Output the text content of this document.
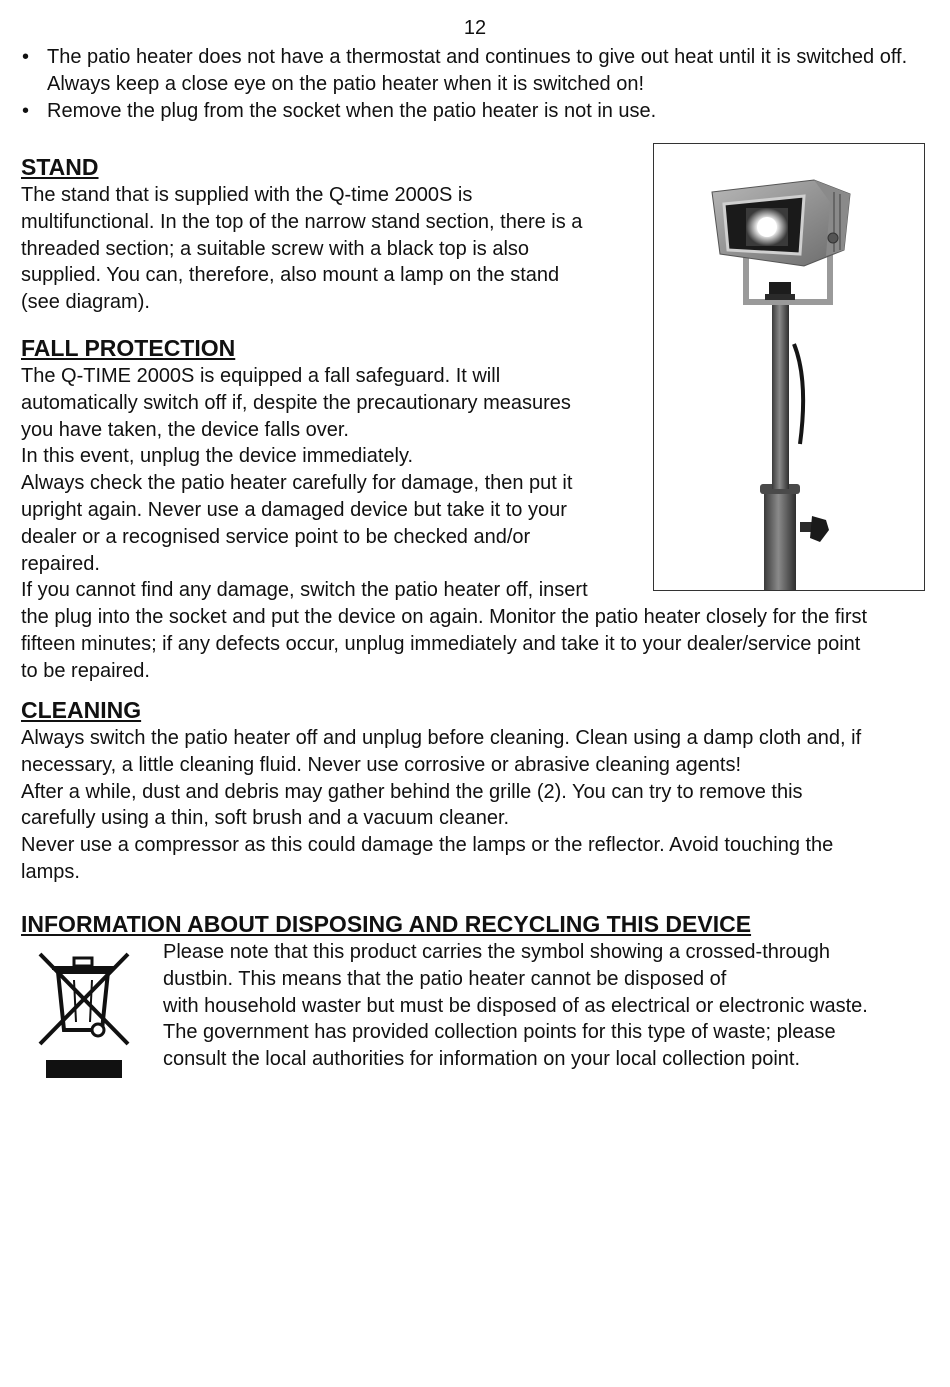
12
• The patio heater does not have a thermostat and continues to give out heat until it is switched off. Always keep a close eye on the patio heater when it is switched on!
• Remove the plug from the socket when the patio heater is not in use.
STAND
The stand that is supplied with the Q-time 2000S is
multifunctional. In the top of the narrow stand section, there is a
threaded section; a suitable screw with a black top is also
supplied. You can, therefore, also mount a lamp on the stand
(see diagram).
FALL PROTECTION
The Q-TIME 2000S is equipped a fall safeguard. It will
automatically switch off if, despite the precautionary measures
you have taken, the device falls over.
In this event, unplug the device immediately.
Always check the patio heater carefully for damage, then put it
upright again. Never use a damaged device but take it to your
dealer or a recognised service point to be checked and/or
repaired.
If you cannot find any damage, switch the patio heater off, insert
the plug into the socket and put the device on again. Monitor the patio heater closely for the first
fifteen minutes; if any defects occur, unplug immediately and take it to your dealer/service point
to be repaired.
CLEANING
Always switch the patio heater off and unplug before cleaning. Clean using a damp cloth and, if
necessary, a little cleaning fluid. Never use corrosive or abrasive cleaning agents!
After a while, dust and debris may gather behind the grille (2). You can try to remove this
carefully using a thin, soft brush and a vacuum cleaner.
Never use a compressor as this could damage the lamps or the reflector. Avoid touching the
lamps.
INFORMATION ABOUT DISPOSING AND RECYCLING THIS DEVICE
Please note that this product carries the symbol showing a crossed-through
dustbin. This means that the patio heater cannot be disposed of
with household waster but must be disposed of as electrical or electronic waste.
The government has provided collection points for this type of waste; please
consult the local authorities for information on your local collection point.
